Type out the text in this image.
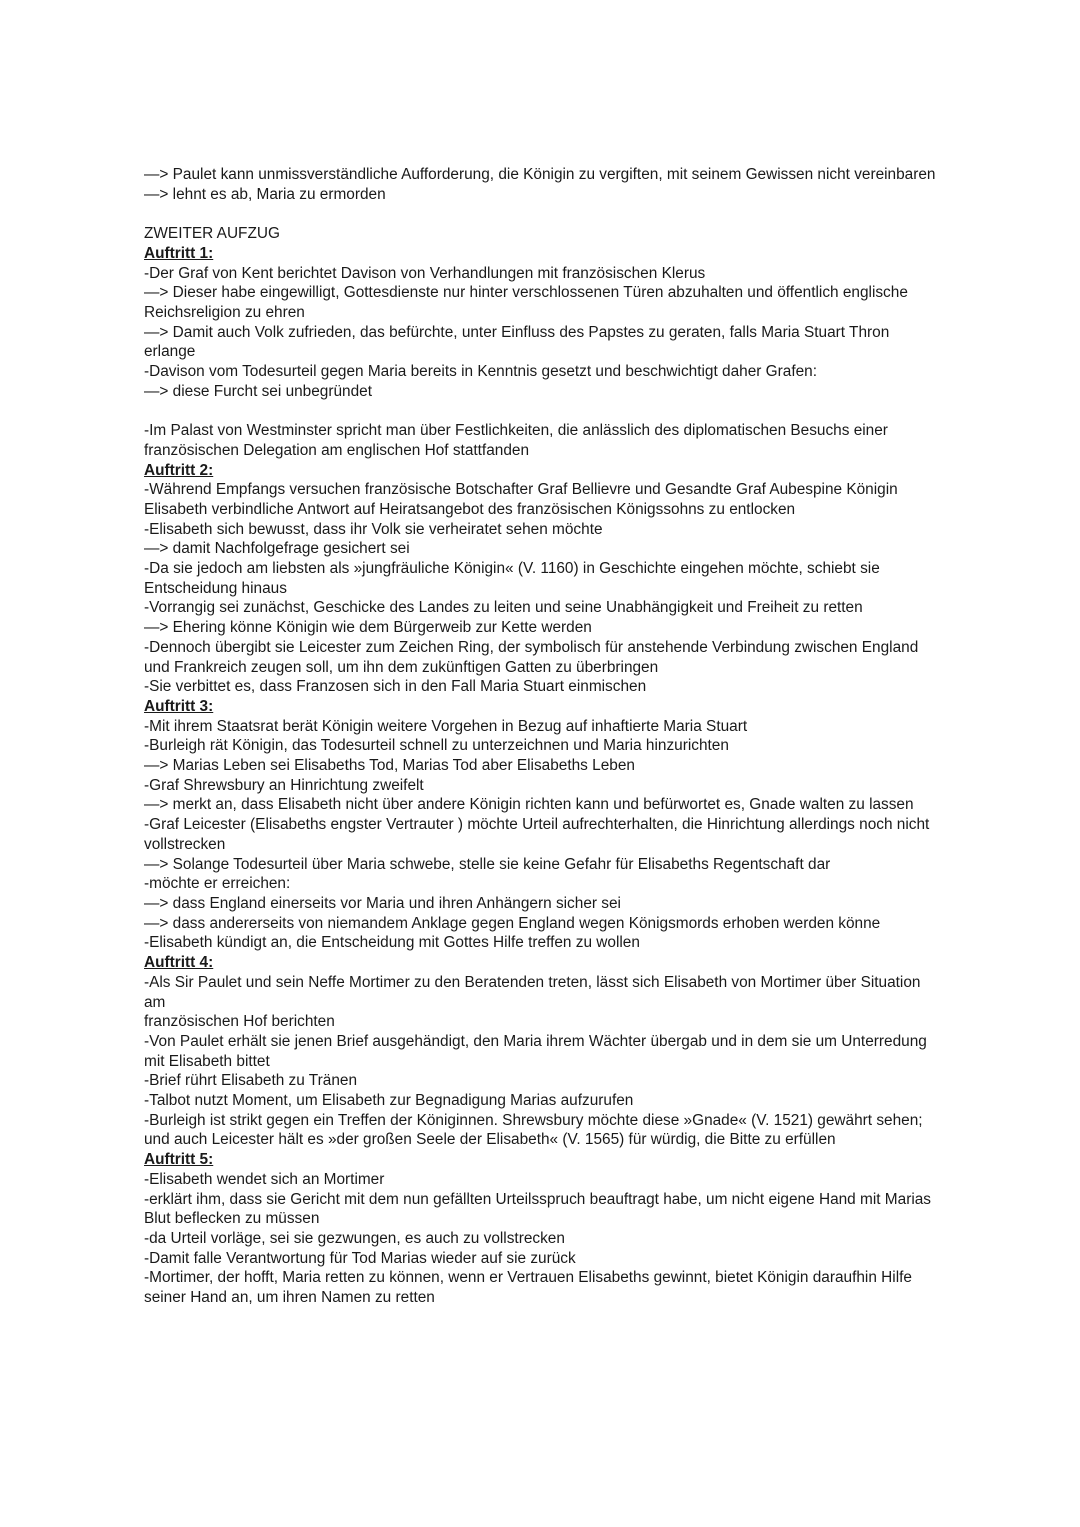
—> Paulet kann unmissverständliche Aufforderung, die Königin zu vergiften, mit seinem Gewissen nicht vereinbaren
—> lehnt es ab, Maria zu ermorden
ZWEITER AUFZUG
Auftritt 1:
-Der Graf von Kent berichtet Davison von Verhandlungen mit französischen Klerus
—> Dieser habe eingewilligt, Gottesdienste nur hinter verschlossenen Türen abzuhalten und öffentlich englische Reichsreligion zu ehren
—> Damit auch Volk zufrieden, das befürchte, unter Einfluss des Papstes zu geraten, falls Maria Stuart Thron erlange
-Davison vom Todesurteil gegen Maria bereits in Kenntnis gesetzt und beschwichtigt daher Grafen:
—> diese Furcht sei unbegründet
-Im Palast von Westminster spricht man über Festlichkeiten, die anlässlich des diplomatischen Besuchs einer französischen Delegation am englischen Hof stattfanden
Auftritt 2:
-Während Empfangs versuchen französische Botschafter Graf Bellievre und Gesandte Graf Aubespine Königin Elisabeth verbindliche Antwort auf Heiratsangebot des französischen Königssohns zu entlocken
-Elisabeth sich bewusst, dass ihr Volk sie verheiratet sehen möchte
—> damit Nachfolgefrage gesichert sei
-Da sie jedoch am liebsten als »jungfräuliche Königin« (V. 1160) in Geschichte eingehen möchte, schiebt sie Entscheidung hinaus
-Vorrangig sei zunächst, Geschicke des Landes zu leiten und seine Unabhängigkeit und Freiheit zu retten
—> Ehering könne Königin wie dem Bürgerweib zur Kette werden
-Dennoch übergibt sie Leicester zum Zeichen Ring, der symbolisch für anstehende Verbindung zwischen England und Frankreich zeugen soll, um ihn dem zukünftigen Gatten zu überbringen
-Sie verbittet es, dass Franzosen sich in den Fall Maria Stuart einmischen
Auftritt 3:
-Mit ihrem Staatsrat berät Königin weitere Vorgehen in Bezug auf inhaftierte Maria Stuart
-Burleigh rät Königin, das Todesurteil schnell zu unterzeichnen und Maria hinzurichten
—> Marias Leben sei Elisabeths Tod, Marias Tod aber Elisabeths Leben
-Graf Shrewsbury an Hinrichtung zweifelt
—> merkt an, dass Elisabeth nicht über andere Königin richten kann und befürwortet es, Gnade walten zu lassen
-Graf Leicester (Elisabeths engster Vertrauter ) möchte Urteil aufrechterhalten, die Hinrichtung allerdings noch nicht vollstrecken
—> Solange Todesurteil über Maria schwebe, stelle sie keine Gefahr für Elisabeths Regentschaft dar
-möchte er erreichen:
—> dass England einerseits vor Maria und ihren Anhängern sicher sei
—> dass andererseits von niemandem Anklage gegen England wegen Königsmords erhoben werden könne
-Elisabeth kündigt an, die Entscheidung mit Gottes Hilfe treffen zu wollen
Auftritt 4:
-Als Sir Paulet und sein Neffe Mortimer zu den Beratenden treten, lässt sich Elisabeth von Mortimer über Situation am
französischen Hof berichten
-Von Paulet erhält sie jenen Brief ausgehändigt, den Maria ihrem Wächter übergab und in dem sie um Unterredung mit Elisabeth bittet
-Brief rührt Elisabeth zu Tränen
-Talbot nutzt Moment, um Elisabeth zur Begnadigung Marias aufzurufen
-Burleigh ist strikt gegen ein Treffen der Königinnen. Shrewsbury möchte diese »Gnade« (V. 1521) gewährt sehen; und auch Leicester hält es »der großen Seele der Elisabeth« (V. 1565) für würdig, die Bitte zu erfüllen
Auftritt 5:
-Elisabeth wendet sich an Mortimer
-erklärt ihm, dass sie Gericht mit dem nun gefällten Urteilsspruch beauftragt habe, um nicht eigene Hand mit Marias Blut beflecken zu müssen
-da Urteil vorläge, sei sie gezwungen, es auch zu vollstrecken
-Damit falle Verantwortung für Tod Marias wieder auf sie zurück
-Mortimer, der hofft, Maria retten zu können, wenn er Vertrauen Elisabeths gewinnt, bietet Königin daraufhin Hilfe seiner Hand an, um ihren Namen zu retten
